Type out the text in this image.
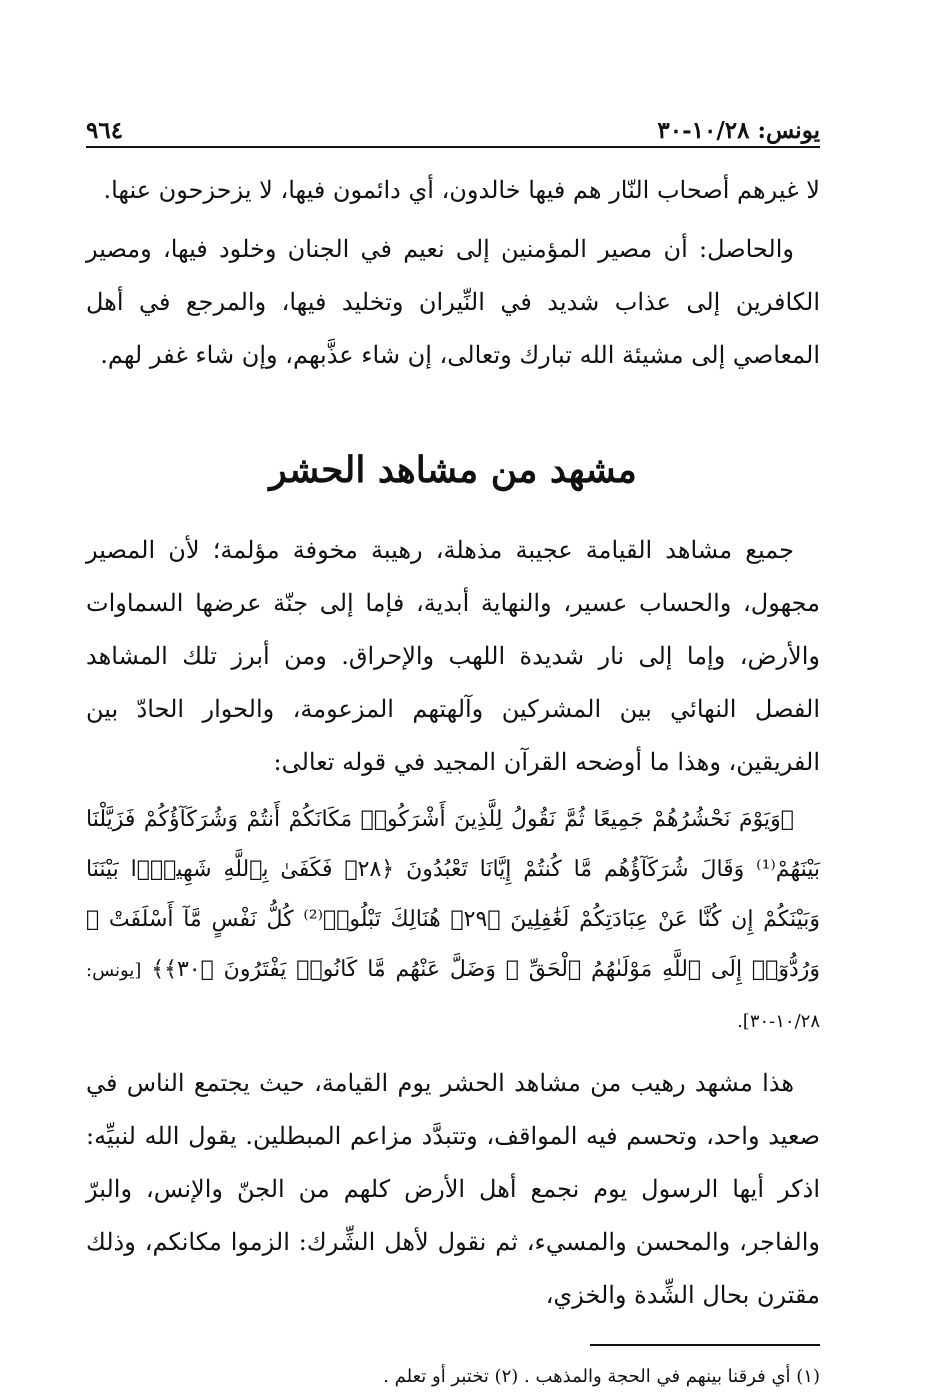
يونس: ١٠/٢٨-٣٠
٩٦٤

لا غيرهم أصحاب النّار هم فيها خالدون، أي دائمون فيها، لا يزحزحون عنها.

والحاصل: أن مصير المؤمنين إلى نعيم في الجنان وخلود فيها، ومصير الكافرين إلى عذاب شديد في النِّيران وتخليد فيها، والمرجع في أهل المعاصي إلى مشيئة الله تبارك وتعالى، إن شاء عذَّبهم، وإن شاء غفر لهم.

مشهد من مشاهد الحشر

جميع مشاهد القيامة عجيبة مذهلة، رهيبة مخوفة مؤلمة؛ لأن المصير مجهول، والحساب عسير، والنهاية أبدية، فإما إلى جنّة عرضها السماوات والأرض، وإما إلى نار شديدة اللهب والإحراق. ومن أبرز تلك المشاهد الفصل النهائي بين المشركين وآلهتهم المزعومة، والحوار الحادّ بين الفريقين، وهذا ما أوضحه القرآن المجيد في قوله تعالى:

﴿وَيَوْمَ نَحْشُرُهُمْ جَمِيعًا ثُمَّ نَقُولُ لِلَّذِينَ أَشْرَكُوا۟ مَكَانَكُمْ أَنتُمْ وَشُرَكَآؤُكُمْ فَزَيَّلْنَا بَيْنَهُمْ⁽¹⁾ وَقَالَ شُرَكَآؤُهُم مَّا كُنتُمْ إِيَّانَا تَعْبُدُونَ ﴿٢٨﴾ فَكَفَىٰ بِٱللَّهِ شَهِيدًۢا بَيْنَنَا وَبَيْنَكُمْ إِن كُنَّا عَنْ عِبَادَتِكُمْ لَغَٰفِلِينَ ﴿٢٩﴾ هُنَالِكَ تَبْلُوا۟⁽²⁾ كُلُّ نَفْسٍ مَّآ أَسْلَفَتْ ۚ وَرُدُّوٓا۟ إِلَى ٱللَّهِ مَوْلَىٰهُمُ ٱلْحَقِّ ۖ وَضَلَّ عَنْهُم مَّا كَانُوا۟ يَفْتَرُونَ ﴿٣٠﴾﴾ [يونس: ١٠/٢٨-٣٠].

هذا مشهد رهيب من مشاهد الحشر يوم القيامة، حيث يجتمع الناس في صعيد واحد، وتحسم فيه المواقف، وتتبدَّد مزاعم المبطلين. يقول الله لنبيِّه: اذكر أيها الرسول يوم نجمع أهل الأرض كلهم من الجنّ والإنس، والبرّ والفاجر، والمحسن والمسيء، ثم نقول لأهل الشِّرك: الزموا مكانكم، وذلك مقترن بحال الشِّدة والخزي،

(١) أي فرقنا بينهم في الحجة والمذهب . (٢) تختبر أو تعلم .
